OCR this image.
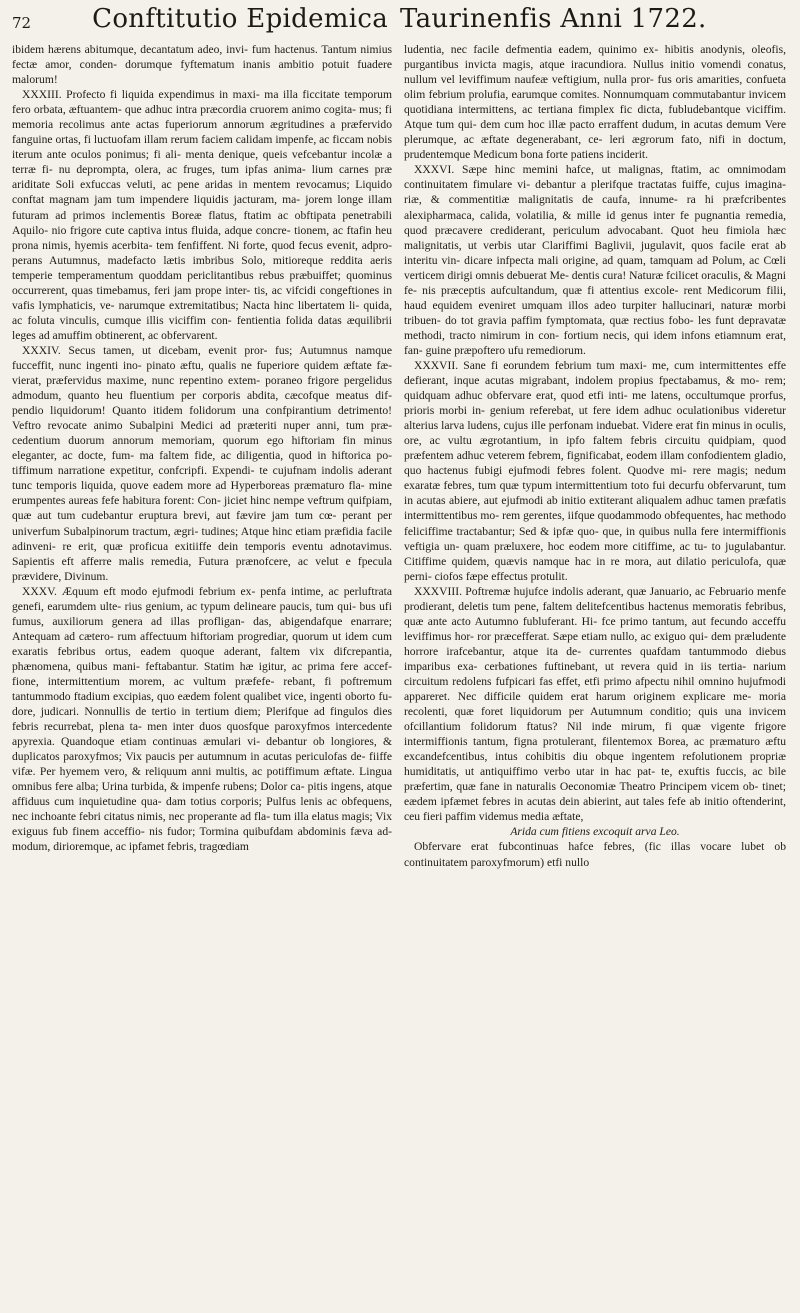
72	Conftitutio Epidemica Taurinenfis Anni 1722.

ibidem hærens abitumque, decantatum adeo, invi- fum hactenus. Tantum nimius fectæ amor, conden- dorumque fyftematum inanis ambitio potuit fuadere malorum!

XXXIII. Profecto fi liquida expendimus in maxi- ma illa ficcitate temporum fero orbata, æftuantem- que adhuc intra præcordia cruorem animo cogita- mus; fi memoria recolimus ante actas fuperiorum annorum ægritudines a præfervido fanguine ortas, fi luctuofam illam rerum faciem calidam impenfe, ac ficcam nobis iterum ante oculos ponimus; fi ali- menta denique, queis vefcebantur incolæ a terræ fi- nu deprompta, olera, ac fruges, tum ipfas anima- lium carnes præ ariditate Soli exfuccas veluti, ac pene aridas in mentem revocamus; Liquido conftat magnam jam tum impendere liquidis jacturam, ma- jorem longe illam futuram ad primos inclementis Boreæ flatus, ftatim ac obftipata penetrabili Aquilo- nio frigore cute captiva intus fluida, adque concre- tionem, ac ftafin heu prona nimis, hyemis acerbita- tem fenfiffent. Ni forte, quod fecus evenit, adpro- perans Autumnus, madefacto lætis imbribus Solo, mitioreque reddita aeris temperie temperamentum quoddam periclitantibus rebus præbuiffet; quominus occurrerent, quas timebamus, feri jam prope inter- tis, ac vifcidi congeftiones in vafis lymphaticis, ve- narumque extremitatibus; Nacta hinc libertatem li- quida, ac foluta vinculis, cumque illis viciffim con- fentientia folida datas æquilibrii leges ad amuffim obtinerent, ac obfervarent.

XXXIV. Secus tamen, ut dicebam, evenit pror- fus; Autumnus namque fucceffit, nunc ingenti ino- pinato æftu, qualis ne fuperiore quidem æftate fæ- vierat, præfervidus maxime, nunc repentino extem- poraneo frigore pergelidus admodum, quanto heu fluentium per corporis abdita, cæcofque meatus dif- pendio liquidorum! Quanto itidem folidorum una confpirantium detrimento! Veftro revocate animo Subalpini Medici ad præteriti nuper anni, tum præ- cedentium duorum annorum memoriam, quorum ego hiftoriam fin minus eleganter, ac docte, fum- ma faltem fide, ac diligentia, quod in hiftorica po- tiffimum narratione expetitur, confcripfi. Expendi- te cujufnam indolis aderant tunc temporis liquida, quove eadem more ad Hyperboreas præmaturo fla- mine erumpentes aureas fefe habitura forent: Con- jiciet hinc nempe veftrum quifpiam, quæ aut tum cudebantur eruptura brevi, aut fævire jam tum cœ- perant per univerfum Subalpinorum tractum, ægri- tudines; Atque hinc etiam præfidia facile adinveni- re erit, quæ proficua exitiiffe dein temporis eventu adnotavimus. Sapientis eft afferre malis remedia, Futura prænofcere, ac velut e fpecula prævidere, Divinum.

XXXV. Æquum eft modo ejufmodi febrium ex- penfa intime, ac perluftrata genefi, earumdem ulte- rius genium, ac typum delineare paucis, tum qui- bus ufi fumus, auxiliorum genera ad illas profligan- das, abigendafque enarrare; Antequam ad cætero- rum affectuum hiftoriam progrediar, quorum ut idem cum exaratis febribus ortus, eadem quoque aderant, faltem vix difcrepantia, phænomena, quibus mani- feftabantur. Statim hæ igitur, ac prima fere accef- fione, intermittentium morem, ac vultum præfefe- rebant, fi poftremum tantummodo ftadium excipias, quo eædem folent qualibet vice, ingenti oborto fu- dore, judicari. Nonnullis de tertio in tertium diem; Plerifque ad fingulos dies febris recurrebat, plena ta- men inter duos quosfque paroxyfmos intercedente apyrexia. Quandoque etiam continuas æmulari vi- debantur ob longiores, & duplicatos paroxyfmos; Vix paucis per autumnum in acutas periculofas de- fiiffe vifæ. Per hyemem vero, & reliquum anni multis, ac potiffimum æftate. Lingua omnibus fere alba; Urina turbida, & impenfe rubens; Dolor ca- pitis ingens, atque affiduus cum inquietudine qua- dam totius corporis; Pulfus lenis ac obfequens, nec inchoante febri citatus nimis, nec properante ad fla- tum illa elatus magis; Vix exiguus fub finem acceffio- nis fudor; Tormina quibufdam abdominis fæva ad- modum, dirioremque, ac ipfamet febris, tragœdiam

ludentia, nec facile defmentia eadem, quinimo ex- hibitis anodynis, oleofis, purgantibus invicta magis, atque iracundiora. Nullus initio vomendi conatus, nullum vel leviffimum naufeæ veftigium, nulla pror- fus oris amarities, confueta olim febrium prolufia, earumque comites. Nonnumquam commutabantur invicem quotidiana intermittens, ac tertiana fimplex fic dicta, fubludebantque viciffim. Atque tum qui- dem cum hoc illæ pacto erraffent dudum, in acutas demum Vere plerumque, ac æftate degenerabant, ce- leri ægrorum fato, nifi in doctum, prudentemque Medicum bona forte patiens inciderit.

XXXVI. Sæpe hinc memini hafce, ut malignas, ftatim, ac omnimodam continuitatem fimulare vi- debantur a plerifque tractatas fuiffe, cujus imagina- riæ, & commentitiæ malignitatis de caufa, innume- ra hi præfcribentes alexipharmaca, calida, volatilia, & mille id genus inter fe pugnantia remedia, quod præcavere crediderant, periculum advocabant. Quot heu fimiola hæc malignitatis, ut verbis utar Clariffimi Baglivii, jugulavit, quos facile erat ab interitu vin- dicare infpecta mali origine, ad quam, tamquam ad Polum, ac Cœli verticem dirigi omnis debuerat Me- dentis cura! Naturæ fcilicet oraculis, & Magni fe- nis præceptis aufcultandum, quæ fi attentius excole- rent Medicorum filii, haud equidem eveniret umquam illos adeo turpiter hallucinari, naturæ morbi tribuen- do tot gravia paffim fymptomata, quæ rectius fobo- les funt depravatæ methodi, tracto nimirum in con- fortium necis, qui idem infons etiamnum erat, fan- guine præpoftero ufu remediorum.

XXXVII. Sane fi eorundem febrium tum maxi- me, cum intermittentes effe defierant, inque acutas migrabant, indolem propius fpectabamus, & mo- rem; quidquam adhuc obfervare erat, quod etfi inti- me latens, occultumque prorfus, prioris morbi in- genium referebat, ut fere idem adhuc oculationibus videretur alterius larva ludens, cujus ille perfonam induebat. Videre erat fin minus in oculis, ore, ac vultu ægrotantium, in ipfo faltem febris circuitu quidpiam, quod præfentem adhuc veterem febrem, fignificabat, eodem illam confodientem gladio, quo hactenus fubigi ejufmodi febres folent. Quodve mi- rere magis; nedum exaratæ febres, tum quæ typum intermittentium toto fui decurfu obfervarunt, tum in acutas abiere, aut ejufmodi ab initio extiterant aliqualem adhuc tamen præfatis intermittentibus mo- rem gerentes, iifque quodammodo obfequentes, hac methodo feliciffime tractabantur; Sed & ipfæ quo- que, in quibus nulla fere intermiffionis veftigia un- quam præluxere, hoc eodem more citiffime, ac tu- to jugulabantur. Citiffime quidem, quævis namque hac in re mora, aut dilatio periculofa, quæ perni- ciofos fæpe effectus protulit.

XXXVIII. Poftremæ hujufce indolis aderant, quæ Januario, ac Februario menfe prodierant, deletis tum pene, faltem delitefcentibus hactenus memoratis febribus, quæ ante acto Autumno fubluferant. Hi- fce primo tantum, aut fecundo acceffu leviffimus hor- ror præcefferat. Sæpe etiam nullo, ac exiguo qui- dem præludente horrore irafcebantur, atque ita de- currentes quafdam tantummodo diebus imparibus exa- cerbationes fuftinebant, ut revera quid in iis tertia- narium circuitum redolens fufpicari fas effet, etfi primo afpectu nihil omnino hujufmodi appareret. Nec difficile quidem erat harum originem explicare me- moria recolenti, quæ foret liquidorum per Autumnum conditio; quis una invicem ofcillantium folidorum ftatus? Nil inde mirum, fi quæ vigente frigore intermiffionis tantum, figna protulerant, filentemox Borea, ac præmaturo æftu excandefcentibus, intus cohibitis diu obque ingentem refolutionem propriæ humiditatis, ut antiquiffimo verbo utar in hac pat- te, exuftis fuccis, ac bile præfertim, quæ fane in naturalis Oeconomiæ Theatro Principem vicem ob- tinet; eædem ipfæmet febres in acutas dein abierint, aut tales fefe ab initio oftenderint, ceu fieri paffim videmus media æftate,

Arida cum fitiens excoquit arva Leo.

Obfervare erat fubcontinuas hafce febres, (fic illas vocare lubet ob continuitatem paroxyfmorum) etfi nullo
